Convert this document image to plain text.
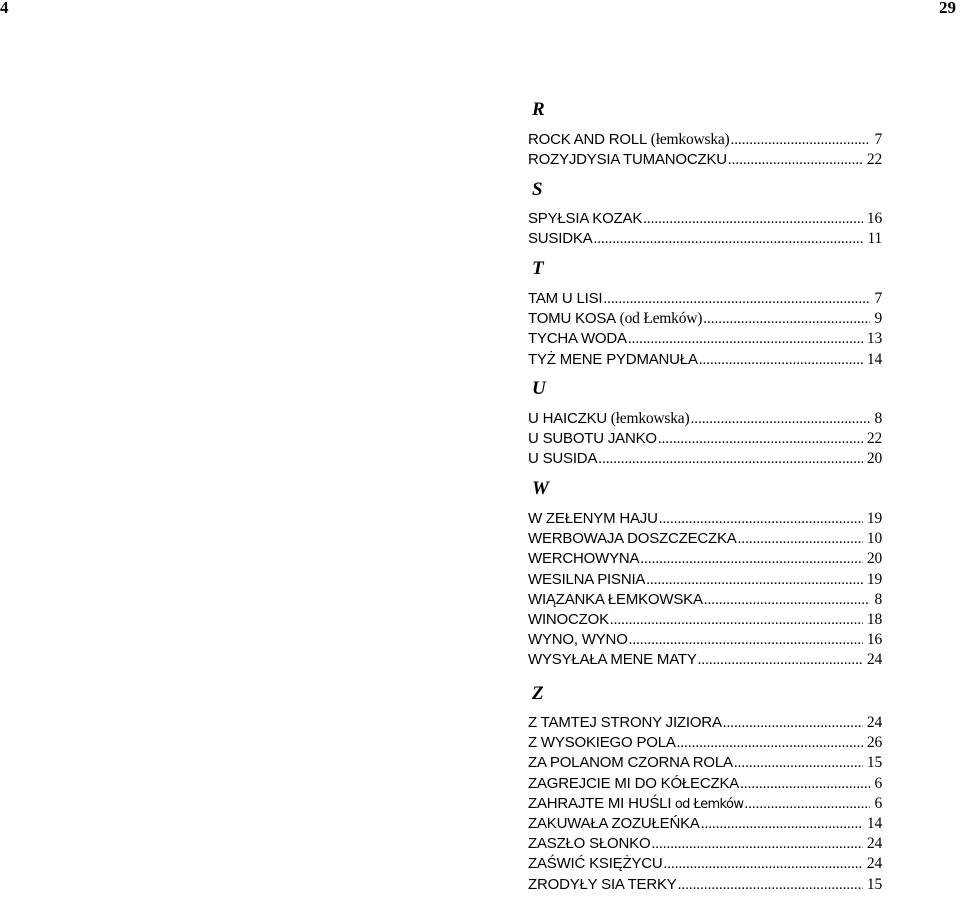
4	29
R
ROCK AND ROLL (łemkowska) .....	7
ROZYJDYSIA TUMANOCZKU .....	22
S
SPYŁSIA KOZAK .....	16
SUSIDKA .....	11
T
TAM U LISI .....	7
TOMU KOSA (od Łemków) .....	9
TYCHA WODA .....	13
TYŻ MENE PYDMANUŁA .....	14
U
U HAICZKU (łemkowska) .....	8
U SUBOTU JANKO .....	22
U SUSIDA .....	20
W
W ZEŁENYM HAJU .....	19
WERBOWAJA DOSZCZECZKA .....	10
WERCHOWYNA .....	20
WESILNA PISNIA .....	19
WIĄZANKA ŁEMKOWSKA .....	8
WINOCZOK .....	18
WYNO, WYNO .....	16
WYSYŁAŁA MENE MATY .....	24
Z
Z TAMTEJ STRONY JIZIORA .....	24
Z WYSOKIEGO POLA .....	26
ZA POLANOM CZORNA ROLA .....	15
ZAGREJCIE MI DO KÓŁECZKA .....	6
ZAHRAJTE MI HUŚLI od Łemków .....	6
ZAKUWAŁA ZOZUŁEŃKA .....	14
ZASZŁO SŁONKO .....	24
ZAŚWIĆ KSIĘŻYCU .....	24
ZRODYŁY SIA TERKY .....	15
